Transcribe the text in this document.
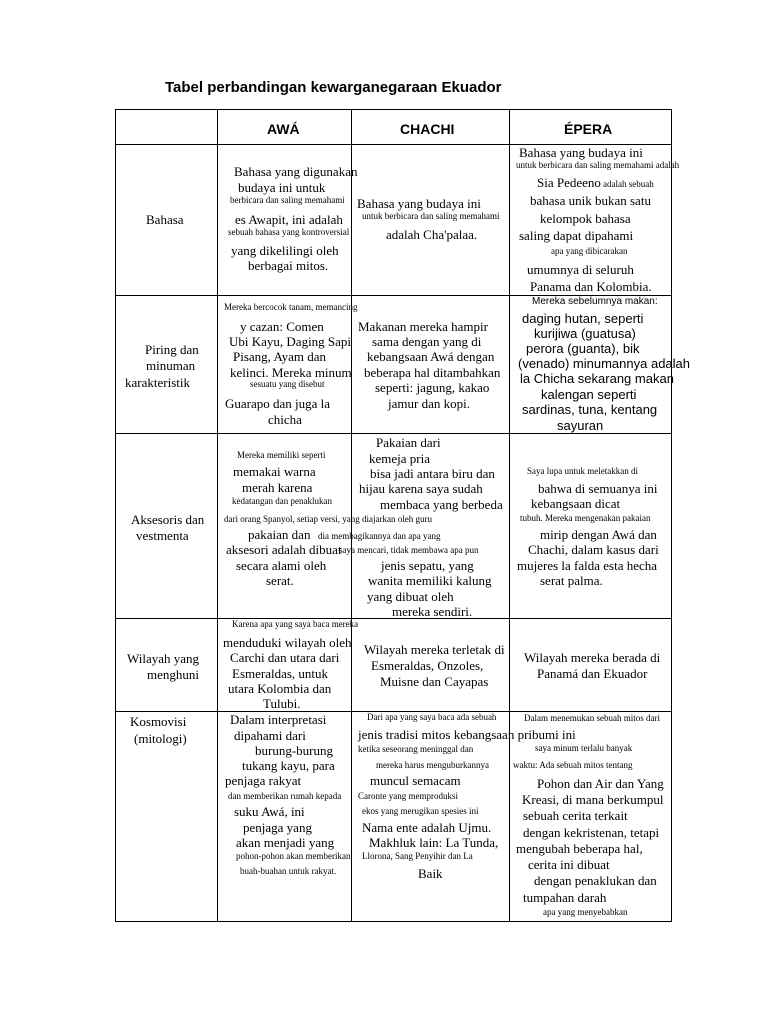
Tabel perbandingan kewarganegaraan Ekuador
AWÁ	CHACHI	ÉPERA
Bahasa
Bahasa yang digunakan
budaya ini untuk
berbicara dan saling memahami
es Awapit, ini adalah
sebuah bahasa yang kontroversial
yang dikelilingi oleh
berbagai mitos.
Bahasa yang budaya ini
untuk berbicara dan saling memahami
adalah Cha'palaa.
Bahasa yang budaya ini
untuk berbicara dan saling memahami adalah
Sia Pedeeno adalah sebuah
bahasa unik bukan satu
kelompok bahasa
saling dapat dipahami
apa yang dibicarakan
umumnya di seluruh
Panama dan Kolombia.
Piring dan
minuman
karakteristik
Mereka bercocok tanam, memancing
y cazan: Comen
Ubi Kayu, Daging Sapi
Pisang, Ayam dan
kelinci. Mereka minum
sesuatu yang disebut
Guarapo dan juga la
chicha
Makanan mereka hampir
sama dengan yang di
kebangsaan Awá dengan
beberapa hal ditambahkan
seperti: jagung, kakao
jamur dan kopi.
Mereka sebelumnya makan:
daging hutan, seperti
kurijiwa (guatusa)
perora (guanta), bik
(venado) minumannya adalah
la Chicha sekarang makan
kalengan seperti
sardinas, tuna, kentang
sayuran
Aksesoris dan
vestmenta
Mereka memiliki seperti
memakai warna
merah karena
kedatangan dan penaklukan
dari orang Spanyol, setiap versi, yang diajarkan oleh guru
pakaian dan dia membagikannya dan apa yang
aksesori adalah dibuat
saya mencari, tidak membawa apa pun
secara alami oleh
serat.
Pakaian dari
kemeja pria
bisa jadi antara biru dan
hijau karena saya sudah
membaca yang berbeda
jenis sepatu, yang
wanita memiliki kalung
yang dibuat oleh
mereka sendiri.
Saya lupa untuk meletakkan di
bahwa di semuanya ini
kebangsaan dicat
tubuh. Mereka mengenakan pakaian
mirip dengan Awá dan
Chachi, dalam kasus dari
mujeres la falda esta hecha
serat palma.
Wilayah yang
menghuni
Karena apa yang saya baca mereka
menduduki wilayah oleh
Carchi dan utara dari
Esmeraldas, untuk
utara Kolombia dan
Tulubi.
Wilayah mereka terletak di
Esmeraldas, Onzoles,
Muisne dan Cayapas
Wilayah mereka berada di
Panamá dan Ekuador
Kosmovisi
(mitologi)
Dalam interpretasi
dipahami dari
burung-burung
tukang kayu, para
penjaga rakyat
dan memberikan rumah kepada
suku Awá, ini
penjaga yang
akan menjadi yang
pohon-pohon akan memberikan
buah-buahan untuk rakyat.
Dari apa yang saya baca ada sebuah
jenis tradisi mitos kebangsaan pribumi ini
ketika seseorang meninggal dan
mereka harus menguburkannya
muncul semacam
Caronte yang memproduksi
ekos yang merugikan spesies ini
Nama ente adalah Ujmu.
Makhluk lain: La Tunda,
Llorona, Sang Penyihir dan La
Baik
Dalam menemukan sebuah mitos dari
saya minum terlalu banyak
waktu: Ada sebuah mitos tentang
Pohon dan Air dan Yang
Kreasi, di mana berkumpul
sebuah cerita terkait
dengan kekristenan, tetapi
mengubah beberapa hal,
cerita ini dibuat
dengan penaklukan dan
tumpahan darah
apa yang menyebabkan
